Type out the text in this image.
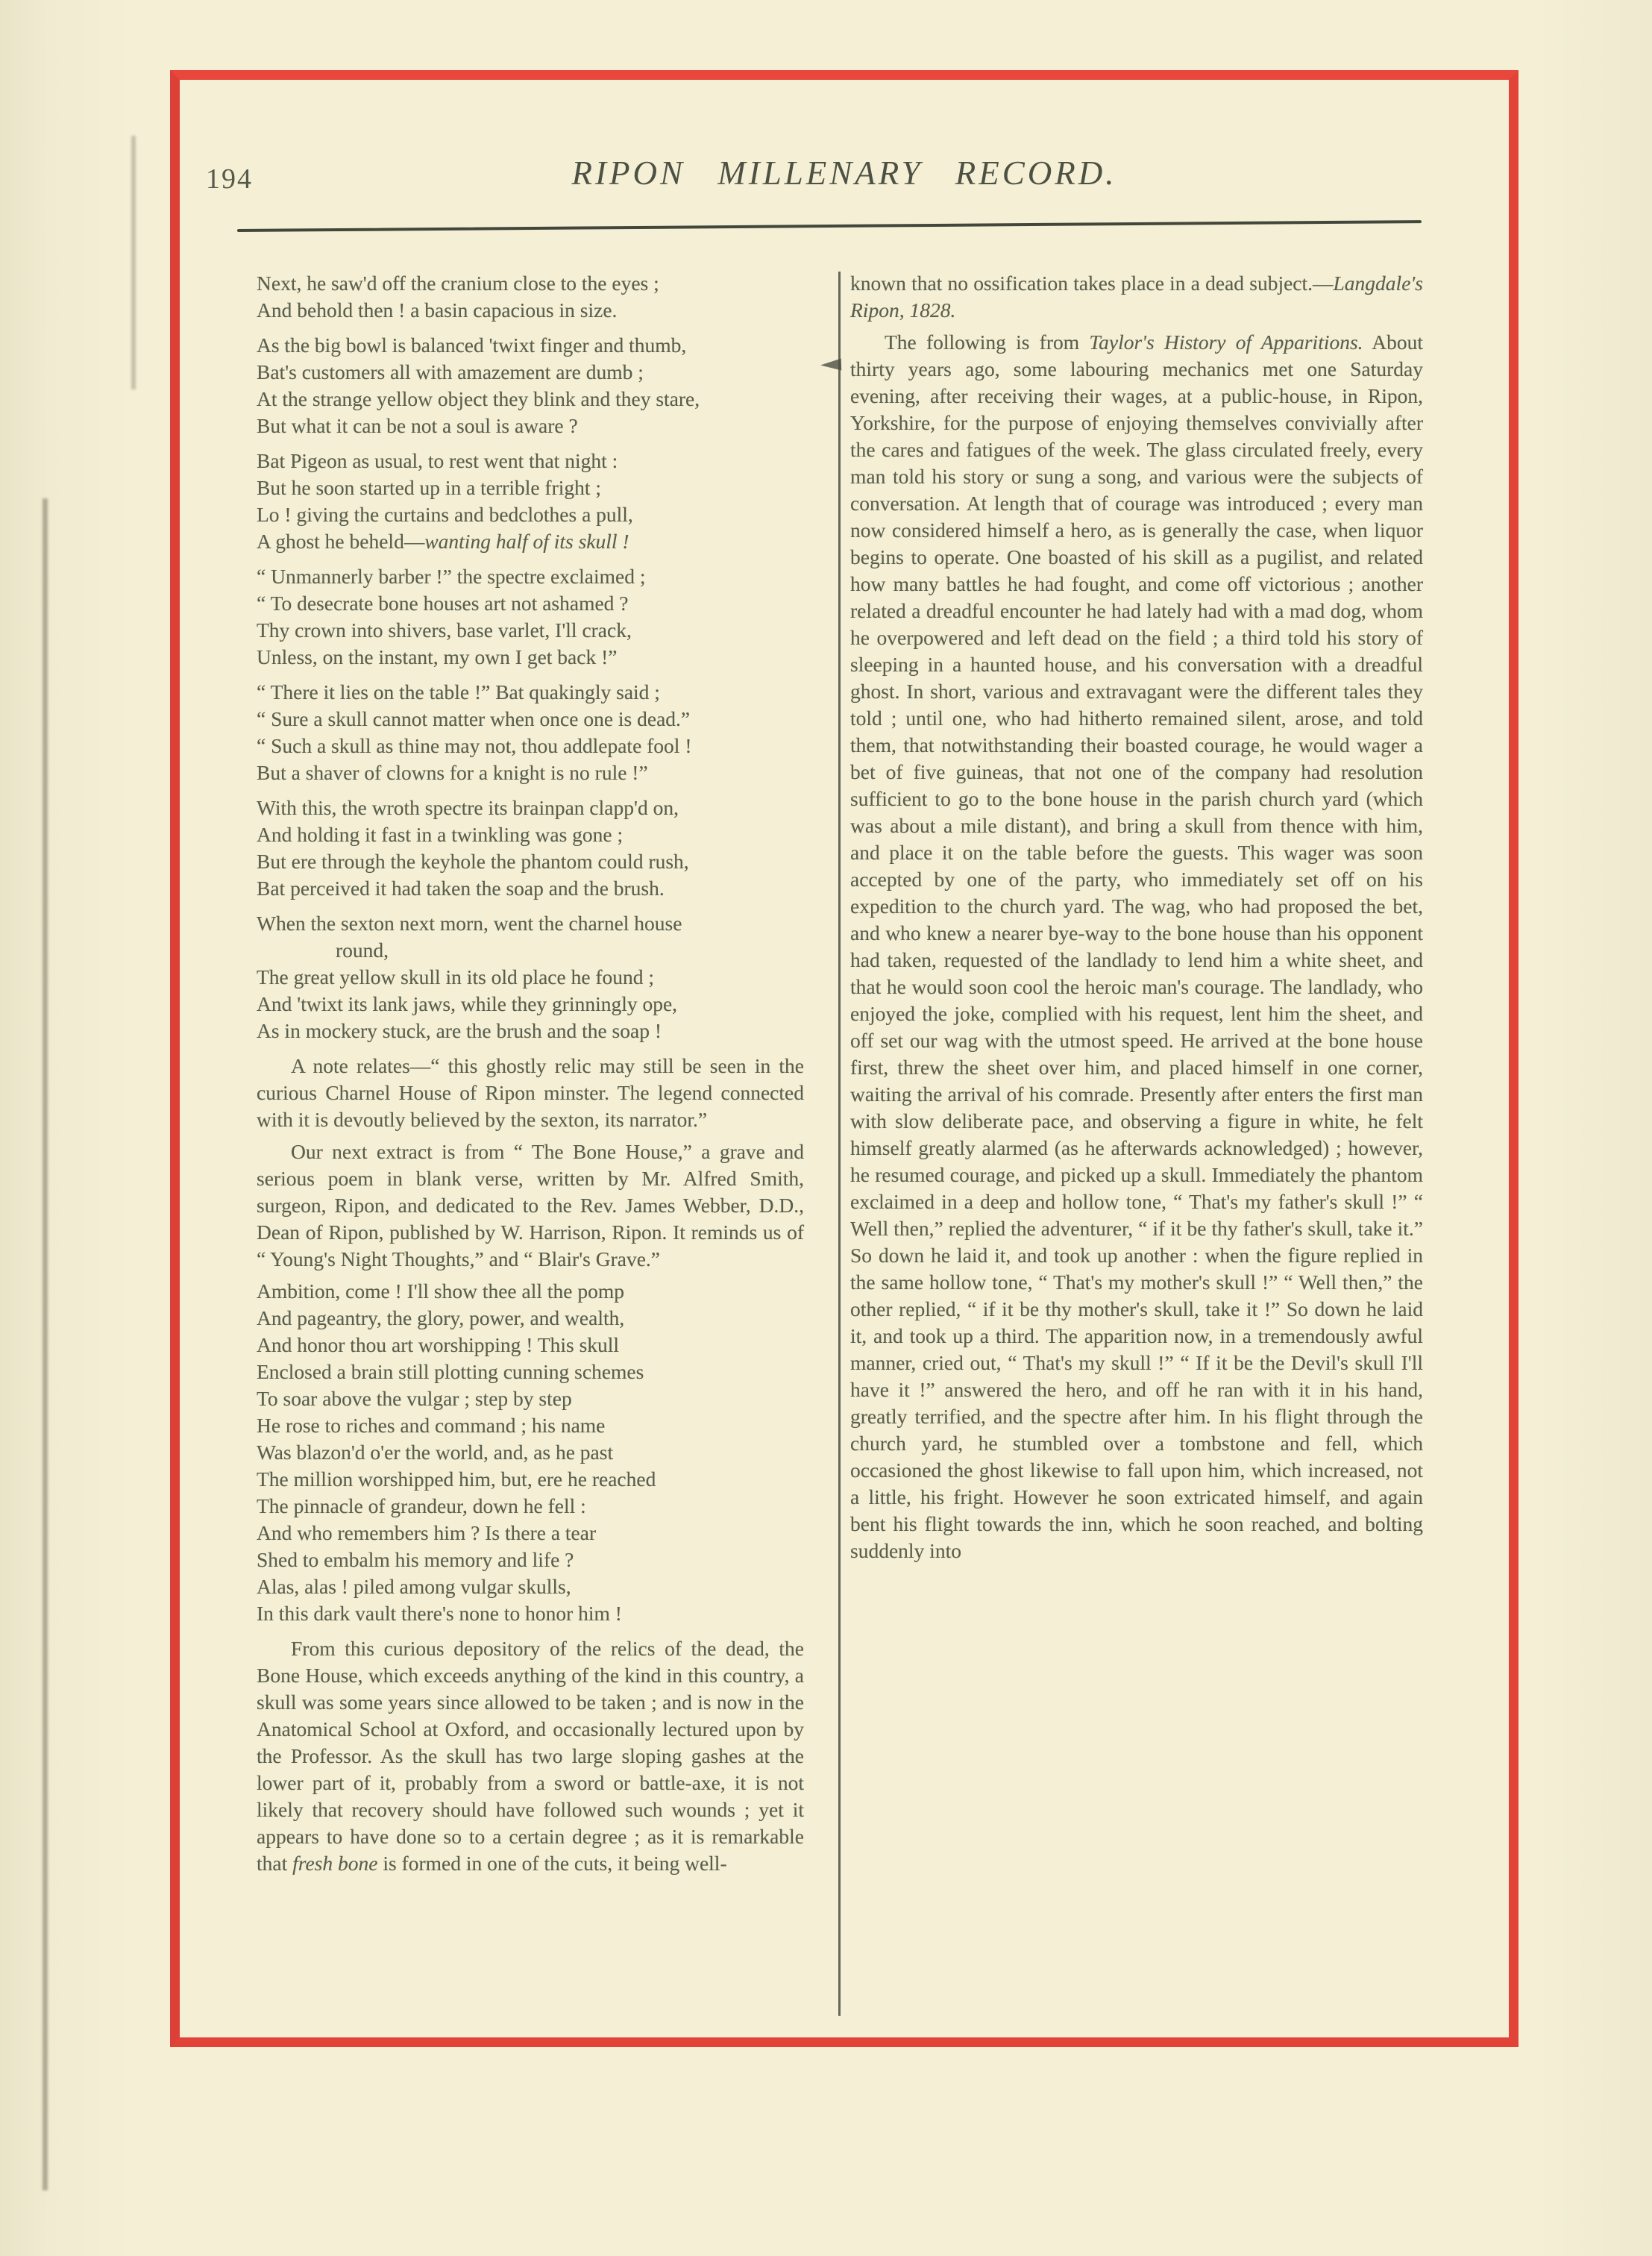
194	RIPON MILLENARY RECORD.
Next, he saw'd off the cranium close to the eyes ;
And behold then ! a basin capacious in size.
As the big bowl is balanced 'twixt finger and thumb,
Bat's customers all with amazement are dumb ;
At the strange yellow object they blink and they stare,
But what it can be not a soul is aware ?
Bat Pigeon as usual, to rest went that night :
But he soon started up in a terrible fright ;
Lo ! giving the curtains and bedclothes a pull,
A ghost he beheld—wanting half of its skull !
“ Unmannerly barber !” the spectre exclaimed ;
“ To desecrate bone houses art not ashamed ?
Thy crown into shivers, base varlet, I'll crack,
Unless, on the instant, my own I get back !”
“ There it lies on the table !” Bat quakingly said ;
“ Sure a skull cannot matter when once one is dead.”
“ Such a skull as thine may not, thou addlepate fool !
But a shaver of clowns for a knight is no rule !”
With this, the wroth spectre its brainpan clapp'd on,
And holding it fast in a twinkling was gone ;
But ere through the keyhole the phantom could rush,
Bat perceived it had taken the soap and the brush.
When the sexton next morn, went the charnel house
round,
The great yellow skull in its old place he found ;
And 'twixt its lank jaws, while they grinningly ope,
As in mockery stuck, are the brush and the soap !
A note relates—“ this ghostly relic may still be seen in the curious Charnel House of Ripon minster. The legend connected with it is devoutly believed by the sexton, its narrator.”
Our next extract is from “ The Bone House,” a grave and serious poem in blank verse, written by Mr. Alfred Smith, surgeon, Ripon, and dedicated to the Rev. James Webber, D.D., Dean of Ripon, published by W. Harrison, Ripon. It reminds us of “ Young's Night Thoughts,” and “ Blair's Grave.”
Ambition, come ! I'll show thee all the pomp
And pageantry, the glory, power, and wealth,
And honor thou art worshipping ! This skull
Enclosed a brain still plotting cunning schemes
To soar above the vulgar ; step by step
He rose to riches and command ; his name
Was blazon'd o'er the world, and, as he past
The million worshipped him, but, ere he reached
The pinnacle of grandeur, down he fell :
And who remembers him ? Is there a tear
Shed to embalm his memory and life ?
Alas, alas ! piled among vulgar skulls,
In this dark vault there's none to honor him !
From this curious depository of the relics of the dead, the Bone House, which exceeds anything of the kind in this country, a skull was some years since allowed to be taken ; and is now in the Anatomical School at Oxford, and occasionally lectured upon by the Professor. As the skull has two large sloping gashes at the lower part of it, probably from a sword or battle-axe, it is not likely that recovery should have followed such wounds ; yet it appears to have done so to a certain degree ; as it is remarkable that fresh bone is formed in one of the cuts, it being well-
known that no ossification takes place in a dead subject.—Langdale's Ripon, 1828.
The following is from Taylor's History of Apparitions. About thirty years ago, some labouring mechanics met one Saturday evening, after receiving their wages, at a public-house, in Ripon, Yorkshire, for the purpose of enjoying themselves convivially after the cares and fatigues of the week. The glass circulated freely, every man told his story or sung a song, and various were the subjects of conversation. At length that of courage was introduced ; every man now considered himself a hero, as is generally the case, when liquor begins to operate. One boasted of his skill as a pugilist, and related how many battles he had fought, and come off victorious ; another related a dreadful encounter he had lately had with a mad dog, whom he overpowered and left dead on the field ; a third told his story of sleeping in a haunted house, and his conversation with a dreadful ghost. In short, various and extravagant were the different tales they told ; until one, who had hitherto remained silent, arose, and told them, that notwithstanding their boasted courage, he would wager a bet of five guineas, that not one of the company had resolution sufficient to go to the bone house in the parish church yard (which was about a mile distant), and bring a skull from thence with him, and place it on the table before the guests. This wager was soon accepted by one of the party, who immediately set off on his expedition to the church yard. The wag, who had proposed the bet, and who knew a nearer bye-way to the bone house than his opponent had taken, requested of the landlady to lend him a white sheet, and that he would soon cool the heroic man's courage. The landlady, who enjoyed the joke, complied with his request, lent him the sheet, and off set our wag with the utmost speed. He arrived at the bone house first, threw the sheet over him, and placed himself in one corner, waiting the arrival of his comrade. Presently after enters the first man with slow deliberate pace, and observing a figure in white, he felt himself greatly alarmed (as he afterwards acknowledged) ; however, he resumed courage, and picked up a skull. Immediately the phantom exclaimed in a deep and hollow tone, “ That's my father's skull !” “ Well then,” replied the adventurer, “ if it be thy father's skull, take it.” So down he laid it, and took up another : when the figure replied in the same hollow tone, “ That's my mother's skull !” “ Well then,” the other replied, “ if it be thy mother's skull, take it !” So down he laid it, and took up a third. The apparition now, in a tremendously awful manner, cried out, “ That's my skull !” “ If it be the Devil's skull I'll have it !” answered the hero, and off he ran with it in his hand, greatly terrified, and the spectre after him. In his flight through the church yard, he stumbled over a tombstone and fell, which occasioned the ghost likewise to fall upon him, which increased, not a little, his fright. However he soon extricated himself, and again bent his flight towards the inn, which he soon reached, and bolting suddenly into
